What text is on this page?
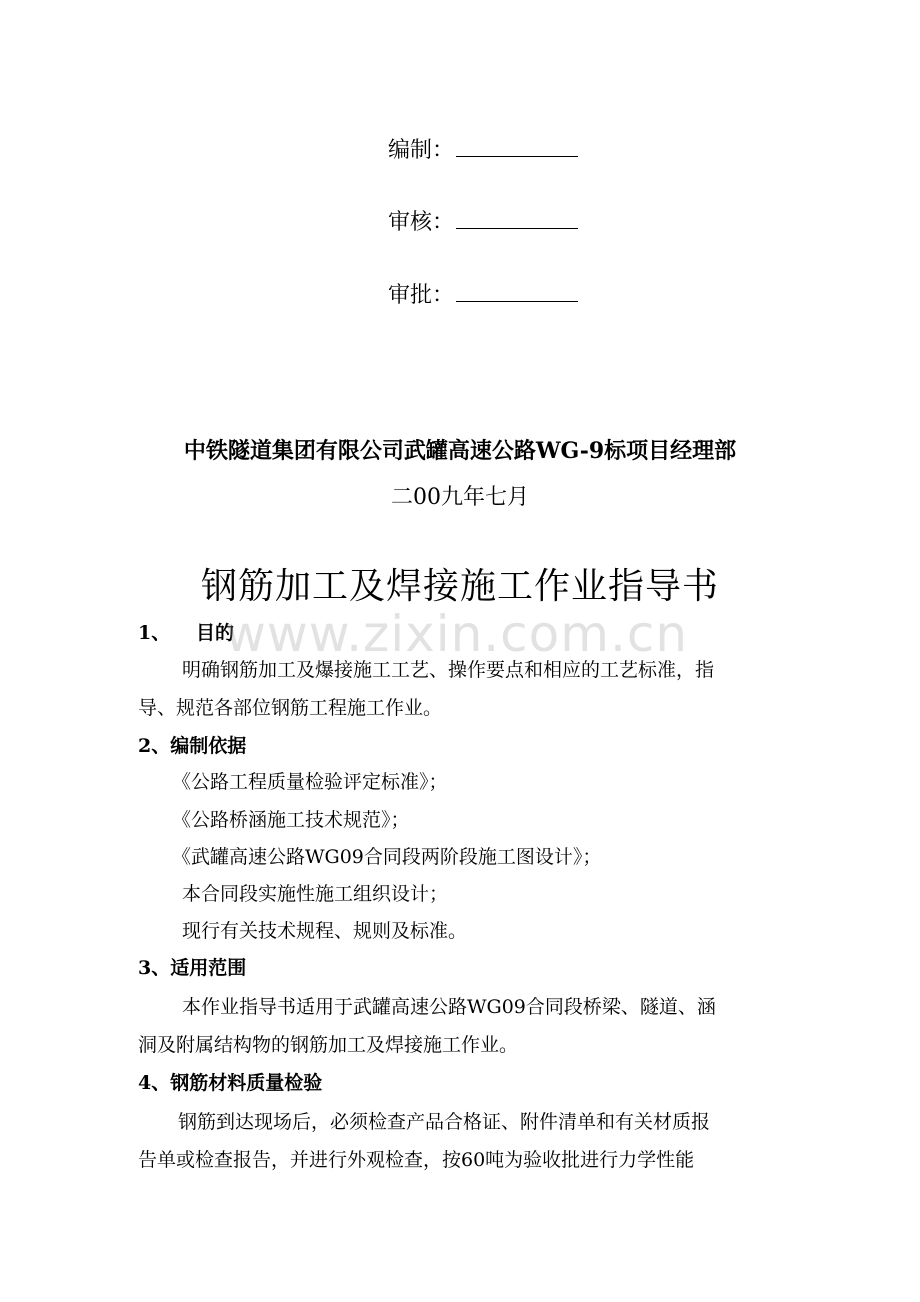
编制：
审核：
审批：
中铁隧道集团有限公司武罐高速公路WG-9标项目经理部
二00九年七月
钢筋加工及焊接施工作业指导书
1、 目的
明确钢筋加工及爆接施工工艺、操作要点和相应的工艺标准，指
导、规范各部位钢筋工程施工作业。
2、编制依据
《公路工程质量检验评定标准》；
《公路桥涵施工技术规范》；
《武罐高速公路WG09合同段两阶段施工图设计》；
本合同段实施性施工组织设计；
现行有关技术规程、规则及标准。
3、适用范围
本作业指导书适用于武罐高速公路WG09合同段桥梁、隧道、涵
洞及附属结构物的钢筋加工及焊接施工作业。
4、钢筋材料质量检验
钢筋到达现场后，必须检查产品合格证、附件清单和有关材质报
告单或检查报告，并进行外观检查，按60吨为验收批进行力学性能
www.zixin.com.cn
